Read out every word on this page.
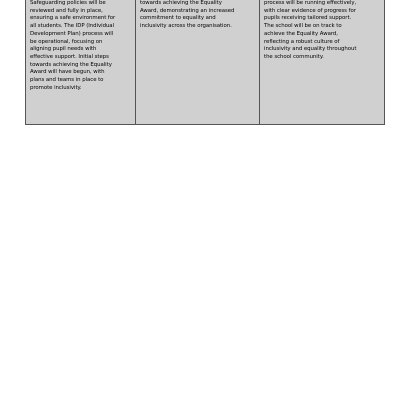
Safeguarding policies will be
reviewed and fully in place,
ensuring a safe environment for
all students. The IDP (Individual
Development Plan) process will
be operational, focusing on
aligning pupil needs with
effective support. Initial steps
towards achieving the Equality
Award will have begun, with
plans and teams in place to
promote inclusivity.
towards achieving the Equality
Award, demonstrating an increased
commitment to equality and
inclusivity across the organisation.
process will be running effectively,
with clear evidence of progress for
pupils receiving tailored support.
The school will be on track to
achieve the Equality Award,
reflecting a robust culture of
inclusivity and equality throughout
the school community.
